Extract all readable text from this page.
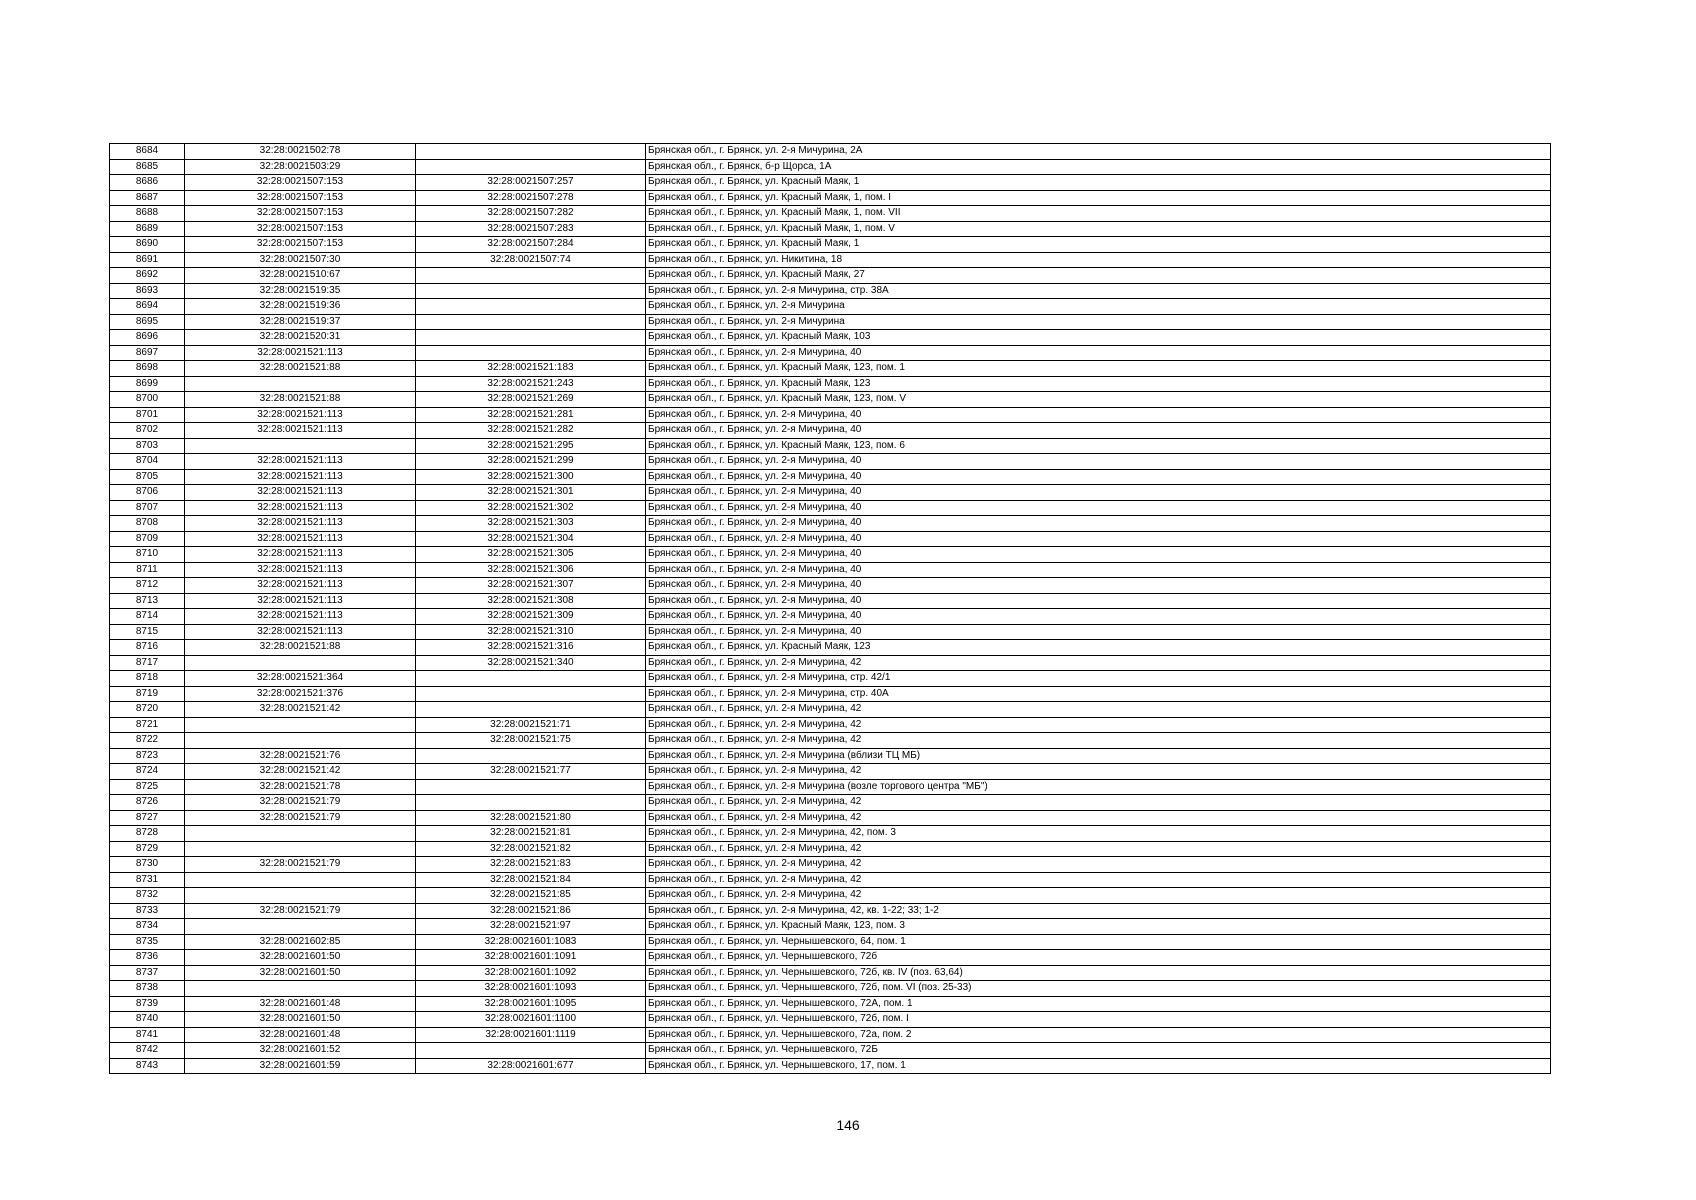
8684	32:28:0021502:78		Брянская обл., г. Брянск, ул. 2-я Мичурина, 2А
8685	32:28:0021503:29		Брянская обл., г. Брянск, б-р Щорса, 1А
8686	32:28:0021507:153	32:28:0021507:257	Брянская обл., г. Брянск, ул. Красный Маяк, 1
8687	32:28:0021507:153	32:28:0021507:278	Брянская обл., г. Брянск, ул. Красный Маяк, 1, пом. I
8688	32:28:0021507:153	32:28:0021507:282	Брянская обл., г. Брянск, ул. Красный Маяк, 1, пом. VII
8689	32:28:0021507:153	32:28:0021507:283	Брянская обл., г. Брянск, ул. Красный Маяк, 1, пом. V
8690	32:28:0021507:153	32:28:0021507:284	Брянская обл., г. Брянск, ул. Красный Маяк, 1
8691	32:28:0021507:30	32:28:0021507:74	Брянская обл., г. Брянск, ул. Никитина, 18
8692	32:28:0021510:67		Брянская обл., г. Брянск, ул. Красный Маяк, 27
8693	32:28:0021519:35		Брянская обл., г. Брянск, ул. 2-я Мичурина, стр. 38А
8694	32:28:0021519:36		Брянская обл., г. Брянск, ул. 2-я Мичурина
8695	32:28:0021519:37		Брянская обл., г. Брянск, ул. 2-я Мичурина
8696	32:28:0021520:31		Брянская обл., г. Брянск, ул. Красный Маяк, 103
8697	32:28:0021521:113		Брянская обл., г. Брянск, ул. 2-я Мичурина, 40
8698	32:28:0021521:88	32:28:0021521:183	Брянская обл., г. Брянск, ул. Красный Маяк, 123, пом. 1
8699		32:28:0021521:243	Брянская обл., г. Брянск, ул. Красный Маяк, 123
8700	32:28:0021521:88	32:28:0021521:269	Брянская обл., г. Брянск, ул. Красный Маяк, 123, пом. V
8701	32:28:0021521:113	32:28:0021521:281	Брянская обл., г. Брянск, ул. 2-я Мичурина, 40
8702	32:28:0021521:113	32:28:0021521:282	Брянская обл., г. Брянск, ул. 2-я Мичурина, 40
8703		32:28:0021521:295	Брянская обл., г. Брянск, ул. Красный Маяк, 123, пом. 6
8704	32:28:0021521:113	32:28:0021521:299	Брянская обл., г. Брянск, ул. 2-я Мичурина, 40
8705	32:28:0021521:113	32:28:0021521:300	Брянская обл., г. Брянск, ул. 2-я Мичурина, 40
8706	32:28:0021521:113	32:28:0021521:301	Брянская обл., г. Брянск, ул. 2-я Мичурина, 40
8707	32:28:0021521:113	32:28:0021521:302	Брянская обл., г. Брянск, ул. 2-я Мичурина, 40
8708	32:28:0021521:113	32:28:0021521:303	Брянская обл., г. Брянск, ул. 2-я Мичурина, 40
8709	32:28:0021521:113	32:28:0021521:304	Брянская обл., г. Брянск, ул. 2-я Мичурина, 40
8710	32:28:0021521:113	32:28:0021521:305	Брянская обл., г. Брянск, ул. 2-я Мичурина, 40
8711	32:28:0021521:113	32:28:0021521:306	Брянская обл., г. Брянск, ул. 2-я Мичурина, 40
8712	32:28:0021521:113	32:28:0021521:307	Брянская обл., г. Брянск, ул. 2-я Мичурина, 40
8713	32:28:0021521:113	32:28:0021521:308	Брянская обл., г. Брянск, ул. 2-я Мичурина, 40
8714	32:28:0021521:113	32:28:0021521:309	Брянская обл., г. Брянск, ул. 2-я Мичурина, 40
8715	32:28:0021521:113	32:28:0021521:310	Брянская обл., г. Брянск, ул. 2-я Мичурина, 40
8716	32:28:0021521:88	32:28:0021521:316	Брянская обл., г. Брянск, ул. Красный Маяк, 123
8717		32:28:0021521:340	Брянская обл., г. Брянск, ул. 2-я Мичурина, 42
8718	32:28:0021521:364		Брянская обл., г. Брянск, ул. 2-я Мичурина, стр. 42/1
8719	32:28:0021521:376		Брянская обл., г. Брянск, ул. 2-я Мичурина, стр. 40А
8720	32:28:0021521:42		Брянская обл., г. Брянск, ул. 2-я Мичурина, 42
8721		32:28:0021521:71	Брянская обл., г. Брянск, ул. 2-я Мичурина, 42
8722		32:28:0021521:75	Брянская обл., г. Брянск, ул. 2-я Мичурина, 42
8723	32:28:0021521:76		Брянская обл., г. Брянск, ул. 2-я Мичурина (вблизи ТЦ МБ)
8724	32:28:0021521:42	32:28:0021521:77	Брянская обл., г. Брянск, ул. 2-я Мичурина, 42
8725	32:28:0021521:78		Брянская обл., г. Брянск, ул. 2-я Мичурина (возле торгового центра "МБ")
8726	32:28:0021521:79		Брянская обл., г. Брянск, ул. 2-я Мичурина, 42
8727	32:28:0021521:79	32:28:0021521:80	Брянская обл., г. Брянск, ул. 2-я Мичурина, 42
8728		32:28:0021521:81	Брянская обл., г. Брянск, ул. 2-я Мичурина, 42, пом. 3
8729		32:28:0021521:82	Брянская обл., г. Брянск, ул. 2-я Мичурина, 42
8730	32:28:0021521:79	32:28:0021521:83	Брянская обл., г. Брянск, ул. 2-я Мичурина, 42
8731		32:28:0021521:84	Брянская обл., г. Брянск, ул. 2-я Мичурина, 42
8732		32:28:0021521:85	Брянская обл., г. Брянск, ул. 2-я Мичурина, 42
8733	32:28:0021521:79	32:28:0021521:86	Брянская обл., г. Брянск, ул. 2-я Мичурина, 42, кв. 1-22; 33; 1-2
8734		32:28:0021521:97	Брянская обл., г. Брянск, ул. Красный Маяк, 123, пом. 3
8735	32:28:0021602:85	32:28:0021601:1083	Брянская обл., г. Брянск, ул. Чернышевского, 64, пом. 1
8736	32:28:0021601:50	32:28:0021601:1091	Брянская обл., г. Брянск, ул. Чернышевского, 72б
8737	32:28:0021601:50	32:28:0021601:1092	Брянская обл., г. Брянск, ул. Чернышевского, 72б, кв. IV (поз. 63,64)
8738		32:28:0021601:1093	Брянская обл., г. Брянск, ул. Чернышевского, 72б, пом. VI (поз. 25-33)
8739	32:28:0021601:48	32:28:0021601:1095	Брянская обл., г. Брянск, ул. Чернышевского, 72А, пом. 1
8740	32:28:0021601:50	32:28:0021601:1100	Брянская обл., г. Брянск, ул. Чернышевского, 72б, пом. I
8741	32:28:0021601:48	32:28:0021601:1119	Брянская обл., г. Брянск, ул. Чернышевского, 72а, пом. 2
8742	32:28:0021601:52		Брянская обл., г. Брянск, ул. Чернышевского, 72Б
8743	32:28:0021601:59	32:28:0021601:677	Брянская обл., г. Брянск, ул. Чернышевского, 17, пом. 1
146
